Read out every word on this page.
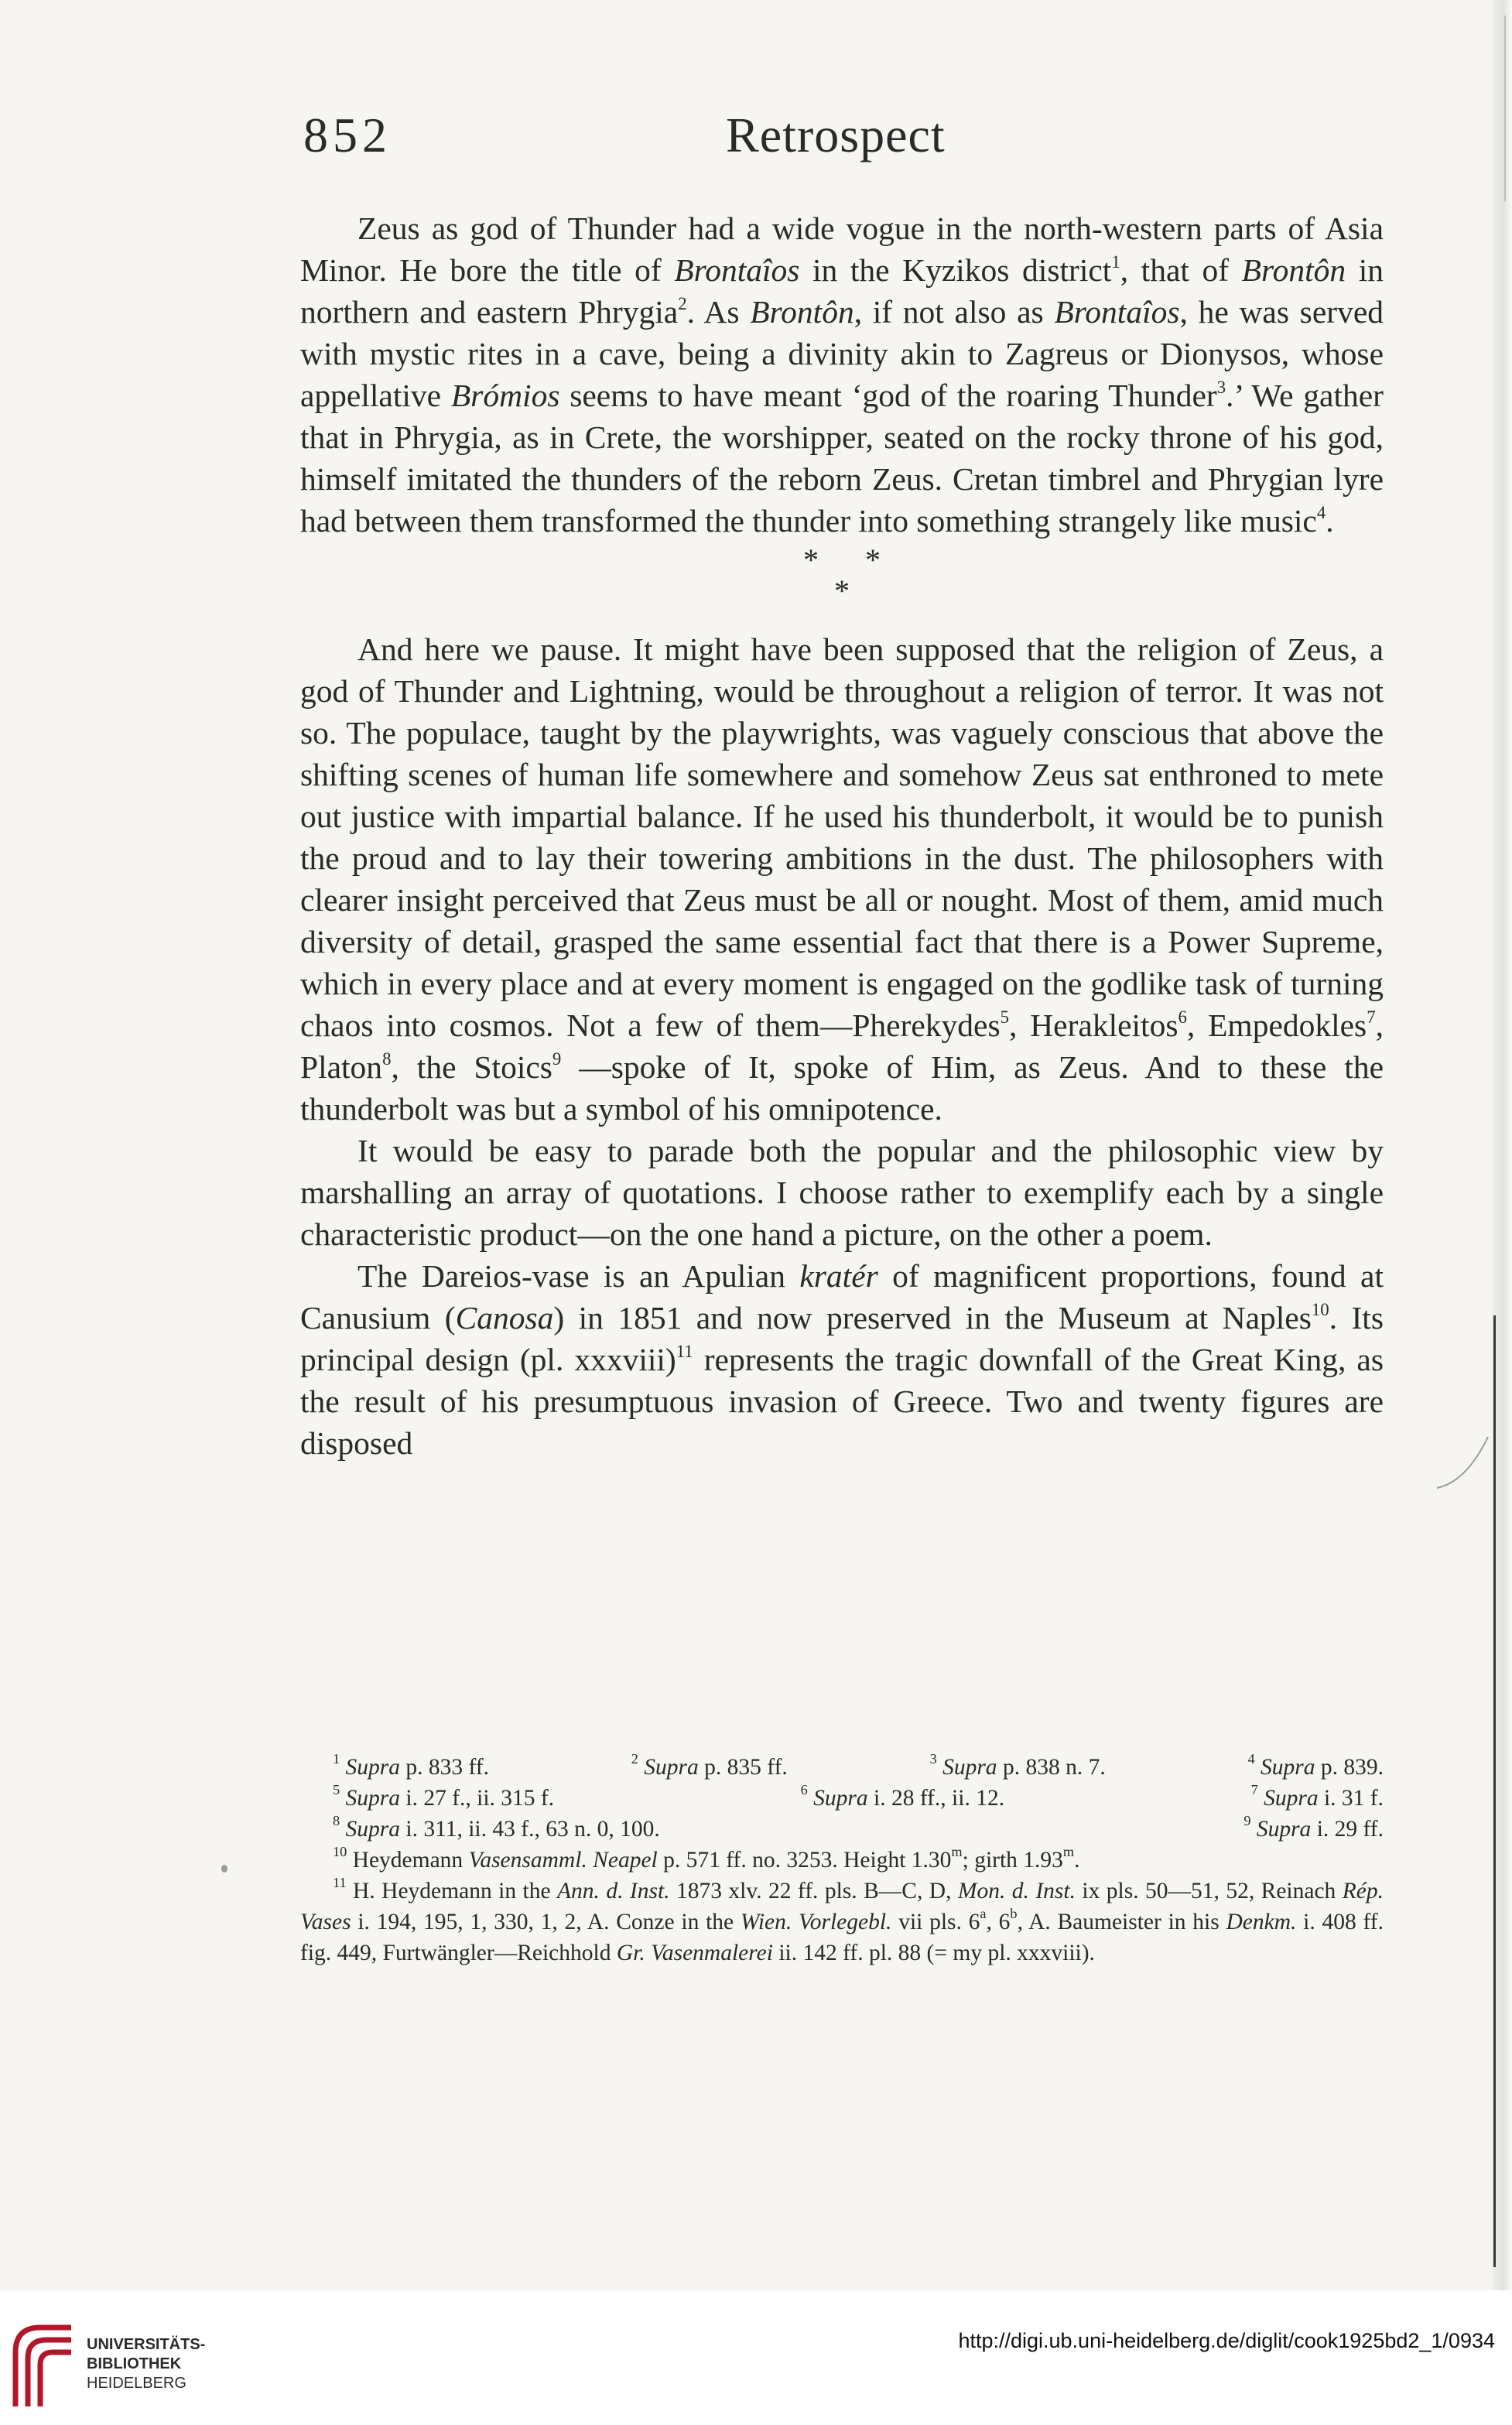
852	Retrospect

Zeus as god of Thunder had a wide vogue in the north-western parts of Asia Minor. He bore the title of Brontaîos in the Kyzikos district$^1$, that of Brontôn in northern and eastern Phrygia$^2$. As Brontôn, if not also as Brontaîos, he was served with mystic rites in a cave, being a divinity akin to Zagreus or Dionysos, whose appellative Brómios seems to have meant ‘god of the roaring Thunder$^3$.’ We gather that in Phrygia, as in Crete, the worshipper, seated on the rocky throne of his god, himself imitated the thunders of the reborn Zeus. Cretan timbrel and Phrygian lyre had between them transformed the thunder into something strangely like music$^4$.

* *
*

And here we pause. It might have been supposed that the religion of Zeus, a god of Thunder and Lightning, would be throughout a religion of terror. It was not so. The populace, taught by the playwrights, was vaguely conscious that above the shifting scenes of human life somewhere and somehow Zeus sat enthroned to mete out justice with impartial balance. If he used his thunderbolt, it would be to punish the proud and to lay their towering ambitions in the dust. The philosophers with clearer insight perceived that Zeus must be all or nought. Most of them, amid much diversity of detail, grasped the same essential fact that there is a Power Supreme, which in every place and at every moment is engaged on the godlike task of turning chaos into cosmos. Not a few of them—Pherekydes$^5$, Herakleitos$^6$, Empedokles$^7$, Platon$^8$, the Stoics$^9$ —spoke of It, spoke of Him, as Zeus. And to these the thunderbolt was but a symbol of his omnipotence.

It would be easy to parade both the popular and the philosophic view by marshalling an array of quotations. I choose rather to exemplify each by a single characteristic product—on the one hand a picture, on the other a poem.

The Dareios-vase is an Apulian kratér of magnificent proportions, found at Canusium (Canosa) in 1851 and now preserved in the Museum at Naples$^{10}$. Its principal design (pl. xxxviii)$^{11}$ represents the tragic downfall of the Great King, as the result of his presumptuous invasion of Greece. Two and twenty figures are disposed

$^1$ Supra p. 833 ff.	$^2$ Supra p. 835 ff.	$^3$ Supra p. 838 n. 7.	$^4$ Supra p. 839.
$^5$ Supra i. 27 f., ii. 315 f.	$^6$ Supra i. 28 ff., ii. 12.	$^7$ Supra i. 31 f.
$^8$ Supra i. 311, ii. 43 f., 63 n. 0, 100.	$^9$ Supra i. 29 ff.
$^{10}$ Heydemann Vasensamml. Neapel p. 571 ff. no. 3253. Height 1.30$^m$; girth 1.93$^m$.
$^{11}$ H. Heydemann in the Ann. d. Inst. 1873 xlv. 22 ff. pls. B—C, D, Mon. d. Inst. ix pls. 50—51, 52, Reinach Rép. Vases i. 194, 195, 1, 330, 1, 2, A. Conze in the Wien. Vorlegebl. vii pls. 6$^a$, 6$^b$, A. Baumeister in his Denkm. i. 408 ff. fig. 449, Furtwängler—Reichhold Gr. Vasenmalerei ii. 142 ff. pl. 88 (= my pl. xxxviii).
UNIVERSITÄTS-
BIBLIOTHEK
HEIDELBERG
http://digi.ub.uni-heidelberg.de/diglit/cook1925bd2_1/0934
